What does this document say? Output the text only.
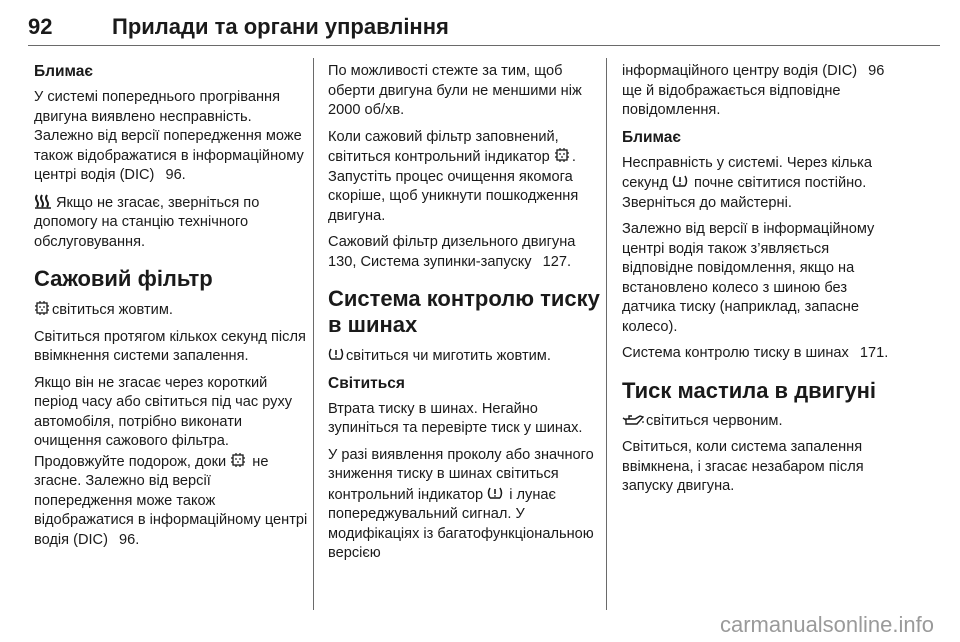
92	Прилади та органи управління
Блимає

У системі попереднього прогрівання двигуна виявлено несправність. Залежно від версії попередження може також відображатися в інформаційному центрі водія (DIC)   96.

Якщо не згасає, зверніться по допомогу на станцію технічного обслуговування.

Сажовий фільтр

світиться жовтим.

Світиться протягом кількох секунд після ввімкнення системи запалення.

Якщо він не згасає через короткий період часу або світиться під час руху автомобіля, потрібно виконати очищення сажового фільтра. Продовжуйте подорож, доки не згасне. Залежно від версії попередження може також відображатися в інформаційному центрі водія (DIC)   96.

По можливості стежте за тим, щоб оберти двигуна були не меншими ніж 2000 об/хв.

Коли сажовий фільтр заповнений, світиться контрольний індикатор . Запустіть процес очищення якомога скоріше, щоб уникнути пошкодження двигуна.

Сажовий фільтр дизельного двигуна   130, Система зупинки-запуску   127.

Система контролю тиску в шинах

світиться чи миготить жовтим.

Світиться

Втрата тиску в шинах. Негайно зупиніться та перевірте тиск у шинах.

У разі виявлення проколу або значного зниження тиску в шинах світиться контрольний індикатор і лунає попереджувальний сигнал. У модифікаціях із багатофункціональною версією

інформаційного центру водія (DIC)   96 ще й відображається відповідне повідомлення.

Блимає

Несправність у системі. Через кілька секунд почне світитися постійно. Зверніться до майстерні.

Залежно від версії в інформаційному центрі водія також з’являється відповідне повідомлення, якщо на встановлено колесо з шиною без датчика тиску (наприклад, запасне колесо).

Система контролю тиску в шинах   171.

Тиск мастила в двигуні

світиться червоним.

Світиться, коли система запалення ввімкнена, і згасає незабаром після запуску двигуна.

carmanualsonline.info
